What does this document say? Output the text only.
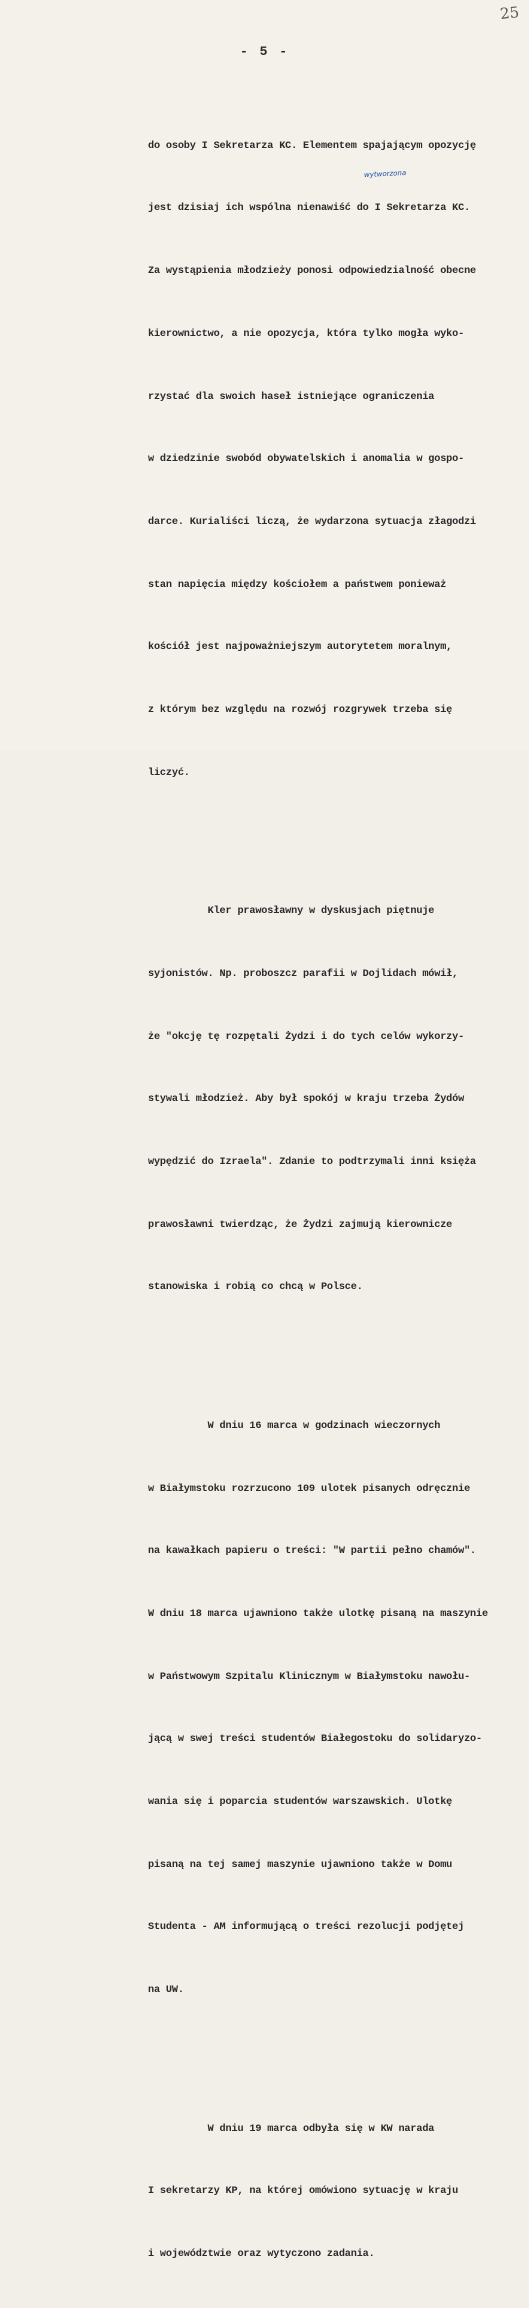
25
- 5 -
wytworzona

do osoby I Sekretarza KC. Elementem spajającym opozycję

jest dzisiaj ich wspólna nienawiść do I Sekretarza KC.

Za wystąpienia młodzieży ponosi odpowiedzialność obecne

kierownictwo, a nie opozycja, która tylko mogła wyko-

rzystać dla swoich haseł istniejące ograniczenia

w dziedzinie swobód obywatelskich i anomalia w gospo-

darce. Kurialiści liczą, że wydarzona sytuacja złagodzi

stan napięcia między kościołem a państwem ponieważ

kościół jest najpoważniejszym autorytetem moralnym,

z którym bez względu na rozwój rozgrywek trzeba się

liczyć.

Kler prawosławny w dyskusjach piętnuje

syjonistów. Np. proboszcz parafii w Dojlidach mówił,

że "okcję tę rozpętali Żydzi i do tych celów wykorzy-

stywali młodzież. Aby był spokój w kraju trzeba Żydów

wypędzić do Izraela". Zdanie to podtrzymali inni księża

prawosławni twierdząc, że Żydzi zajmują kierownicze

stanowiska i robią co chcą w Polsce.

W dniu 16 marca w godzinach wieczornych

w Białymstoku rozrzucono 109 ulotek pisanych odręcznie

na kawałkach papieru o treści: "W partii pełno chamów".

W dniu 18 marca ujawniono także ulotkę pisaną na maszynie

w Państwowym Szpitalu Klinicznym w Białymstoku nawołu-

jącą w swej treści studentów Białegostoku do solidaryzo-

wania się i poparcia studentów warszawskich. Ulotkę

pisaną na tej samej maszynie ujawniono także w Domu

Studenta - AM informującą o treści rezolucji podjętej

na UW.

W dniu 19 marca odbyła się w KW narada

I sekretarzy KP, na której omówiono sytuację w kraju

i województwie oraz wytyczono zadania.
